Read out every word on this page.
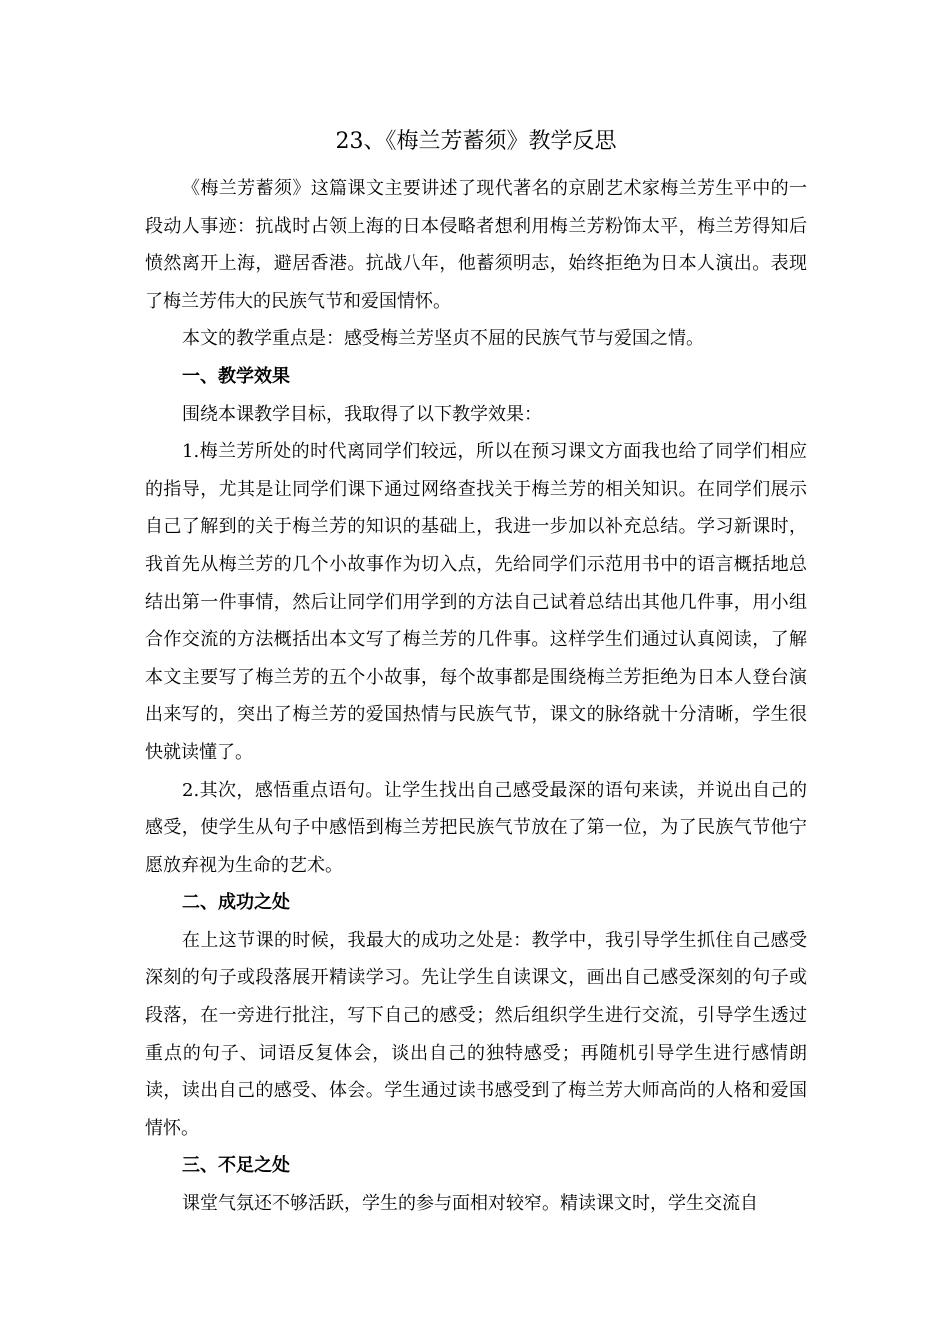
23、《梅兰芳蓄须》教学反思

《梅兰芳蓄须》这篇课文主要讲述了现代著名的京剧艺术家梅兰芳生平中的一段动人事迹：抗战时占领上海的日本侵略者想利用梅兰芳粉饰太平，梅兰芳得知后愤然离开上海，避居香港。抗战八年，他蓄须明志，始终拒绝为日本人演出。表现了梅兰芳伟大的民族气节和爱国情怀。

本文的教学重点是：感受梅兰芳坚贞不屈的民族气节与爱国之情。

一、教学效果

围绕本课教学目标，我取得了以下教学效果：

1.梅兰芳所处的时代离同学们较远，所以在预习课文方面我也给了同学们相应的指导，尤其是让同学们课下通过网络查找关于梅兰芳的相关知识。在同学们展示自己了解到的关于梅兰芳的知识的基础上，我进一步加以补充总结。学习新课时，我首先从梅兰芳的几个小故事作为切入点，先给同学们示范用书中的语言概括地总结出第一件事情，然后让同学们用学到的方法自己试着总结出其他几件事，用小组合作交流的方法概括出本文写了梅兰芳的几件事。这样学生们通过认真阅读，了解本文主要写了梅兰芳的五个小故事，每个故事都是围绕梅兰芳拒绝为日本人登台演出来写的，突出了梅兰芳的爱国热情与民族气节，课文的脉络就十分清晰，学生很快就读懂了。

2.其次，感悟重点语句。让学生找出自己感受最深的语句来读，并说出自己的感受，使学生从句子中感悟到梅兰芳把民族气节放在了第一位，为了民族气节他宁愿放弃视为生命的艺术。

二、成功之处

在上这节课的时候，我最大的成功之处是：教学中，我引导学生抓住自己感受深刻的句子或段落展开精读学习。先让学生自读课文，画出自己感受深刻的句子或段落，在一旁进行批注，写下自己的感受；然后组织学生进行交流，引导学生透过重点的句子、词语反复体会，谈出自己的独特感受；再随机引导学生进行感情朗读，读出自己的感受、体会。学生通过读书感受到了梅兰芳大师高尚的人格和爱国情怀。

三、不足之处

课堂气氛还不够活跃，学生的参与面相对较窄。精读课文时，学生交流自
